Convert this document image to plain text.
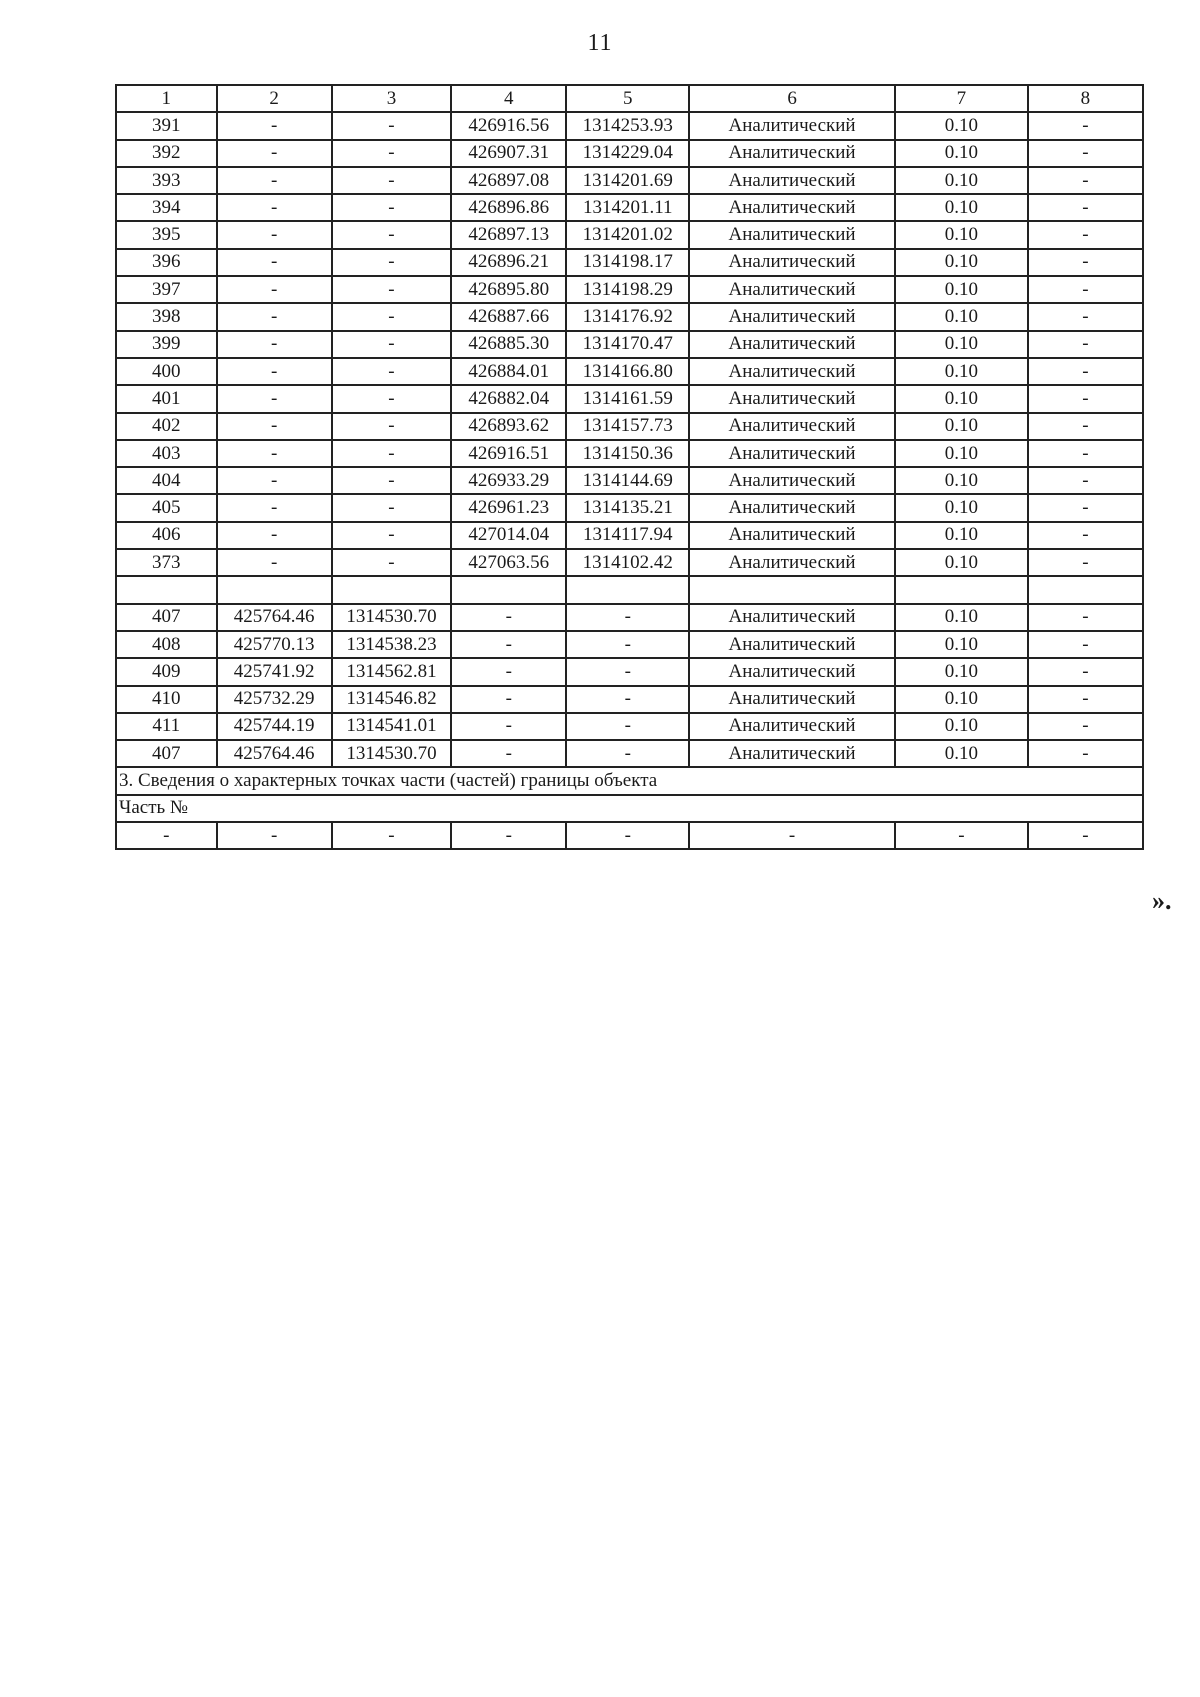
11
1	2	3	4	5	6	7	8
391	-	-	426916.56	1314253.93	Аналитический	0.10	-
392	-	-	426907.31	1314229.04	Аналитический	0.10	-
393	-	-	426897.08	1314201.69	Аналитический	0.10	-
394	-	-	426896.86	1314201.11	Аналитический	0.10	-
395	-	-	426897.13	1314201.02	Аналитический	0.10	-
396	-	-	426896.21	1314198.17	Аналитический	0.10	-
397	-	-	426895.80	1314198.29	Аналитический	0.10	-
398	-	-	426887.66	1314176.92	Аналитический	0.10	-
399	-	-	426885.30	1314170.47	Аналитический	0.10	-
400	-	-	426884.01	1314166.80	Аналитический	0.10	-
401	-	-	426882.04	1314161.59	Аналитический	0.10	-
402	-	-	426893.62	1314157.73	Аналитический	0.10	-
403	-	-	426916.51	1314150.36	Аналитический	0.10	-
404	-	-	426933.29	1314144.69	Аналитический	0.10	-
405	-	-	426961.23	1314135.21	Аналитический	0.10	-
406	-	-	427014.04	1314117.94	Аналитический	0.10	-
373	-	-	427063.56	1314102.42	Аналитический	0.10	-

407	425764.46	1314530.70	-	-	Аналитический	0.10	-
408	425770.13	1314538.23	-	-	Аналитический	0.10	-
409	425741.92	1314562.81	-	-	Аналитический	0.10	-
410	425732.29	1314546.82	-	-	Аналитический	0.10	-
411	425744.19	1314541.01	-	-	Аналитический	0.10	-
407	425764.46	1314530.70	-	-	Аналитический	0.10	-
3. Сведения о характерных точках части (частей) границы объекта							
Часть №							
-	-	-	-	-	-	-	-
».
